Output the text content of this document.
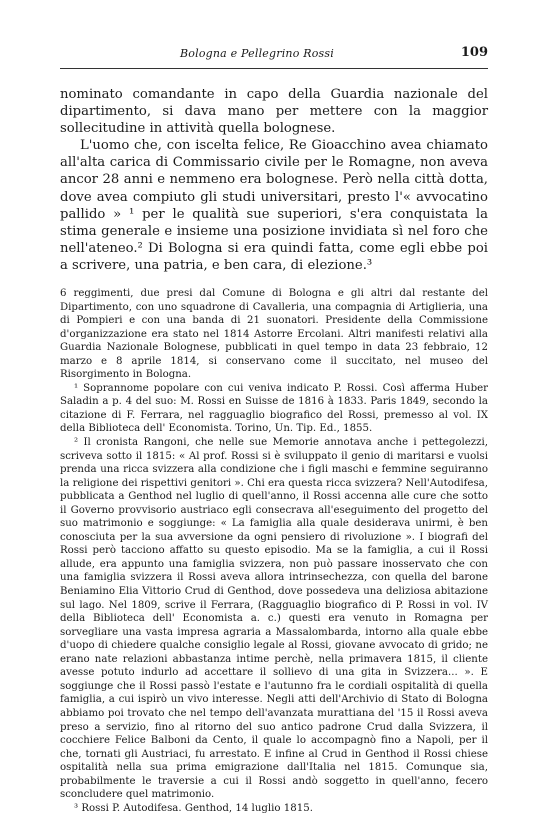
Bologna e Pellegrino Rossi	109

nominato comandante in capo della Guardia nazionale del dipartimento, si dava mano per mettere con la maggior sollecitudine in attività quella bolognese.

L'uomo che, con iscelta felice, Re Gioacchino avea chiamato all'alta carica di Commissario civile per le Romagne, non aveva ancor 28 anni e nemmeno era bolognese. Però nella città dotta, dove avea compiuto gli studi universitari, presto l'« avvocatino pallido » ¹ per le qualità sue superiori, s'era conquistata la stima generale e insieme una posizione invidiata sì nel foro che nell'ateneo.² Di Bologna si era quindi fatta, come egli ebbe poi a scrivere, una patria, e ben cara, di elezione.³

6 reggimenti, due presi dal Comune di Bologna e gli altri dal restante del Dipartimento, con uno squadrone di Cavalleria, una compagnia di Artiglieria, una di Pompieri e con una banda di 21 suonatori. Presidente della Commissione d'organizzazione era stato nel 1814 Astorre Ercolani. Altri manifesti relativi alla Guardia Nazionale Bolognese, pubblicati in quel tempo in data 23 febbraio, 12 marzo e 8 aprile 1814, si conservano come il succitato, nel museo del Risorgimento in Bologna.

¹ Soprannome popolare con cui veniva indicato P. Rossi. Così afferma Huber Saladin a p. 4 del suo: M. Rossi en Suisse de 1816 à 1833. Paris 1849, secondo la citazione di F. Ferrara, nel ragguaglio biografico del Rossi, premesso al vol. IX della Biblioteca dell' Economista. Torino, Un. Tip. Ed., 1855.

² Il cronista Rangoni, che nelle sue Memorie annotava anche i pettegolezzi, scriveva sotto il 1815: « Al prof. Rossi si è sviluppato il genio di maritarsi e vuolsi prenda una ricca svizzera alla condizione che i figli maschi e femmine seguiranno la religione dei rispettivi genitori ». Chi era questa ricca svizzera? Nell'Autodifesa, pubblicata a Genthod nel luglio di quell'anno, il Rossi accenna alle cure che sotto il Governo provvisorio austriaco egli consecrava all'eseguimento del progetto del suo matrimonio e soggiunge: « La famiglia alla quale desiderava unirmi, è ben conosciuta per la sua avversione da ogni pensiero di rivoluzione ». I biografi del Rossi però tacciono affatto su questo episodio. Ma se la famiglia, a cui il Rossi allude, era appunto una famiglia svizzera, non può passare inosservato che con una famiglia svizzera il Rossi aveva allora intrinsechezza, con quella del barone Beniamino Elia Vittorio Crud di Genthod, dove possedeva una deliziosa abitazione sul lago. Nel 1809, scrive il Ferrara, (Ragguaglio biografico di P. Rossi in vol. IV della Biblioteca dell' Economista a. c.) questi era venuto in Romagna per sorvegliare una vasta impresa agraria a Massalombarda, intorno alla quale ebbe d'uopo di chiedere qualche consiglio legale al Rossi, giovane avvocato di grido; ne erano nate relazioni abbastanza intime perchè, nella primavera 1815, il cliente avesse potuto indurlo ad accettare il sollievo di una gita in Svizzera... ». E soggiunge che il Rossi passò l'estate e l'autunno fra le cordiali ospitalità di quella famiglia, a cui ispirò un vivo interesse. Negli atti dell'Archivio di Stato di Bologna abbiamo poi trovato che nel tempo dell'avanzata murattiana del '15 il Rossi aveva preso a servizio, fino al ritorno del suo antico padrone Crud dalla Svizzera, il cocchiere Felice Balboni da Cento, il quale lo accompagnò fino a Napoli, per il che, tornati gli Austriaci, fu arrestato. E infine al Crud in Genthod il Rossi chiese ospitalità nella sua prima emigrazione dall'Italia nel 1815. Comunque sia, probabilmente le traversie a cui il Rossi andò soggetto in quell'anno, fecero sconcludere quel matrimonio.

³ Rossi P. Autodifesa. Genthod, 14 luglio 1815.
